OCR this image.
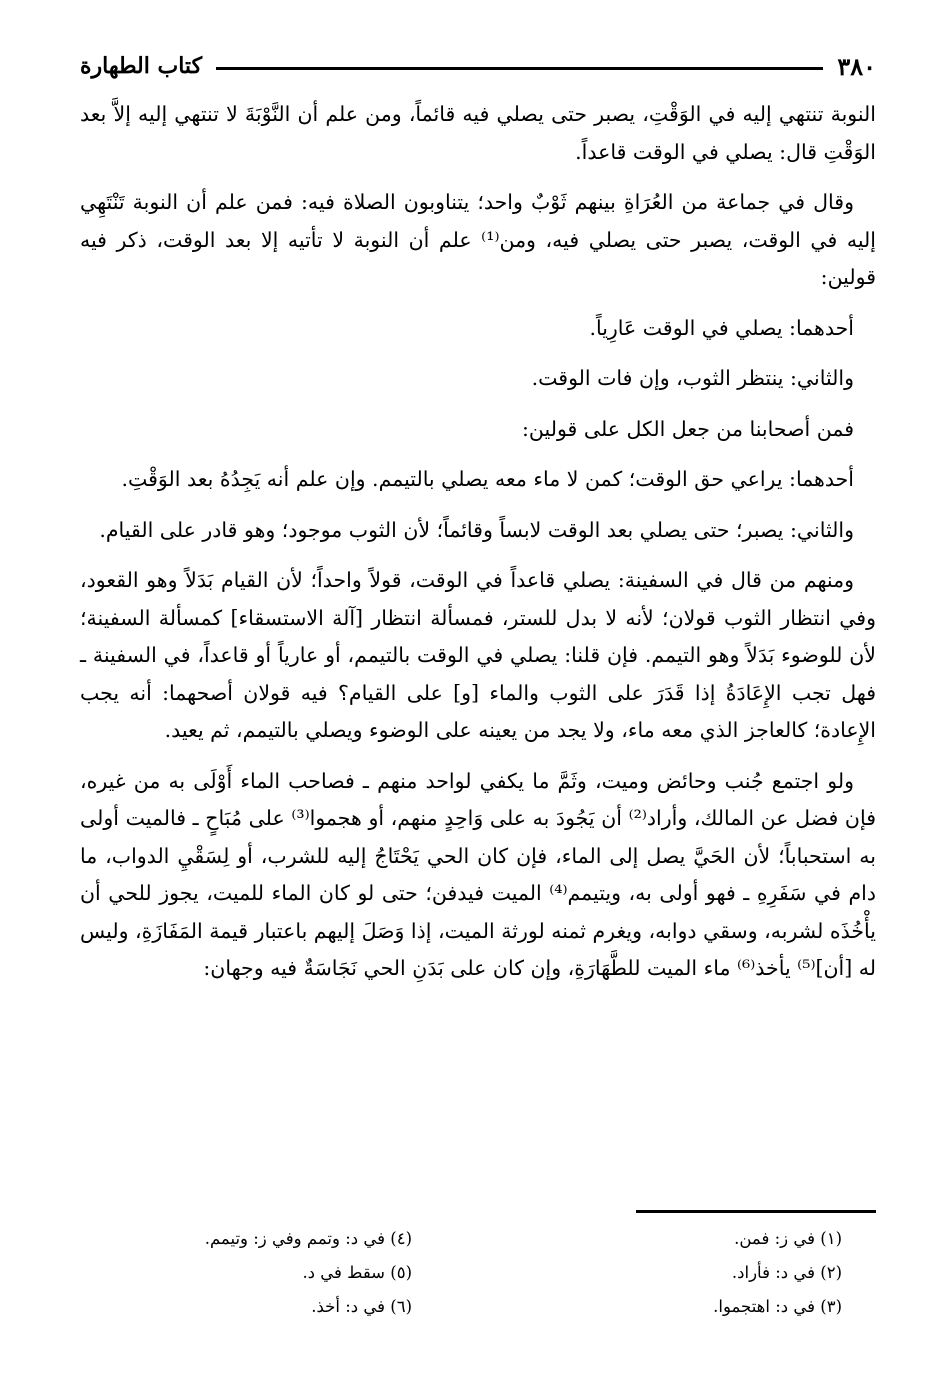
٣٨٠
كتاب الطهارة

النوبة تنتهي إليه في الوَقْتِ، يصبر حتى يصلي فيه قائماً، ومن علم أن النَّوْبَةَ لا تنتهي إليه إلاَّ بعد الوَقْتِ قال: يصلي في الوقت قاعداً.

وقال في جماعة من العُرَاةِ بينهم ثَوْبٌ واحد؛ يتناوبون الصلاة فيه: فمن علم أن النوبة تَنْتَهِي إليه في الوقت، يصبر حتى يصلي فيه، ومن⁽¹⁾ علم أن النوبة لا تأتيه إلا بعد الوقت، ذكر فيه قولين:

أحدهما: يصلي في الوقت عَارِياً.

والثاني: ينتظر الثوب، وإن فات الوقت.

فمن أصحابنا من جعل الكل على قولين:

أحدهما: يراعي حق الوقت؛ كمن لا ماء معه يصلي بالتيمم. وإن علم أنه يَجِدُهُ بعد الوَقْتِ.

والثاني: يصبر؛ حتى يصلي بعد الوقت لابساً وقائماً؛ لأن الثوب موجود؛ وهو قادر على القيام.

ومنهم من قال في السفينة: يصلي قاعداً في الوقت، قولاً واحداً؛ لأن القيام بَدَلاً وهو القعود، وفي انتظار الثوب قولان؛ لأنه لا بدل للستر، فمسألة انتظار [آلة الاستسقاء] كمسألة السفينة؛ لأن للوضوء بَدَلاً وهو التيمم. فإن قلنا: يصلي في الوقت بالتيمم، أو عارياً أو قاعداً، في السفينة ـ فهل تجب الإِعَادَةُ إذا قَدَرَ على الثوب والماء [و] على القيام؟ فيه قولان أصحهما: أنه يجب الإِعادة؛ كالعاجز الذي معه ماء، ولا يجد من يعينه على الوضوء ويصلي بالتيمم، ثم يعيد.

ولو اجتمع جُنب وحائض وميت، وثَمَّ ما يكفي لواحد منهم ـ فصاحب الماء أَوْلَى به من غيره، فإن فضل عن المالك، وأراد⁽²⁾ أن يَجُودَ به على وَاحِدٍ منهم، أو هجموا⁽³⁾ على مُبَاحٍ ـ فالميت أولى به استحباباً؛ لأن الحَيَّ يصل إلى الماء، فإن كان الحي يَحْتَاجُ إليه للشرب، أو لِسَقْيِ الدواب، ما دام في سَفَرِهِ ـ فهو أولى به، ويتيمم⁽⁴⁾ الميت فيدفن؛ حتى لو كان الماء للميت، يجوز للحي أن يأْخُذَه لشربه، وسقي دوابه، ويغرم ثمنه لورثة الميت، إذا وَصَلَ إليهم باعتبار قيمة المَفَازَةِ، وليس له [أن]⁽⁵⁾ يأخذ⁽⁶⁾ ماء الميت للطَّهَارَةِ، وإن كان على بَدَنِ الحي نَجَاسَةٌ فيه وجهان:

(١) في ز: فمن.
(٢) في د: فأراد.
(٣) في د: اهتجموا.
(٤) في د: وتمم وفي ز: وتيمم.
(٥) سقط في د.
(٦) في د: أخذ.
